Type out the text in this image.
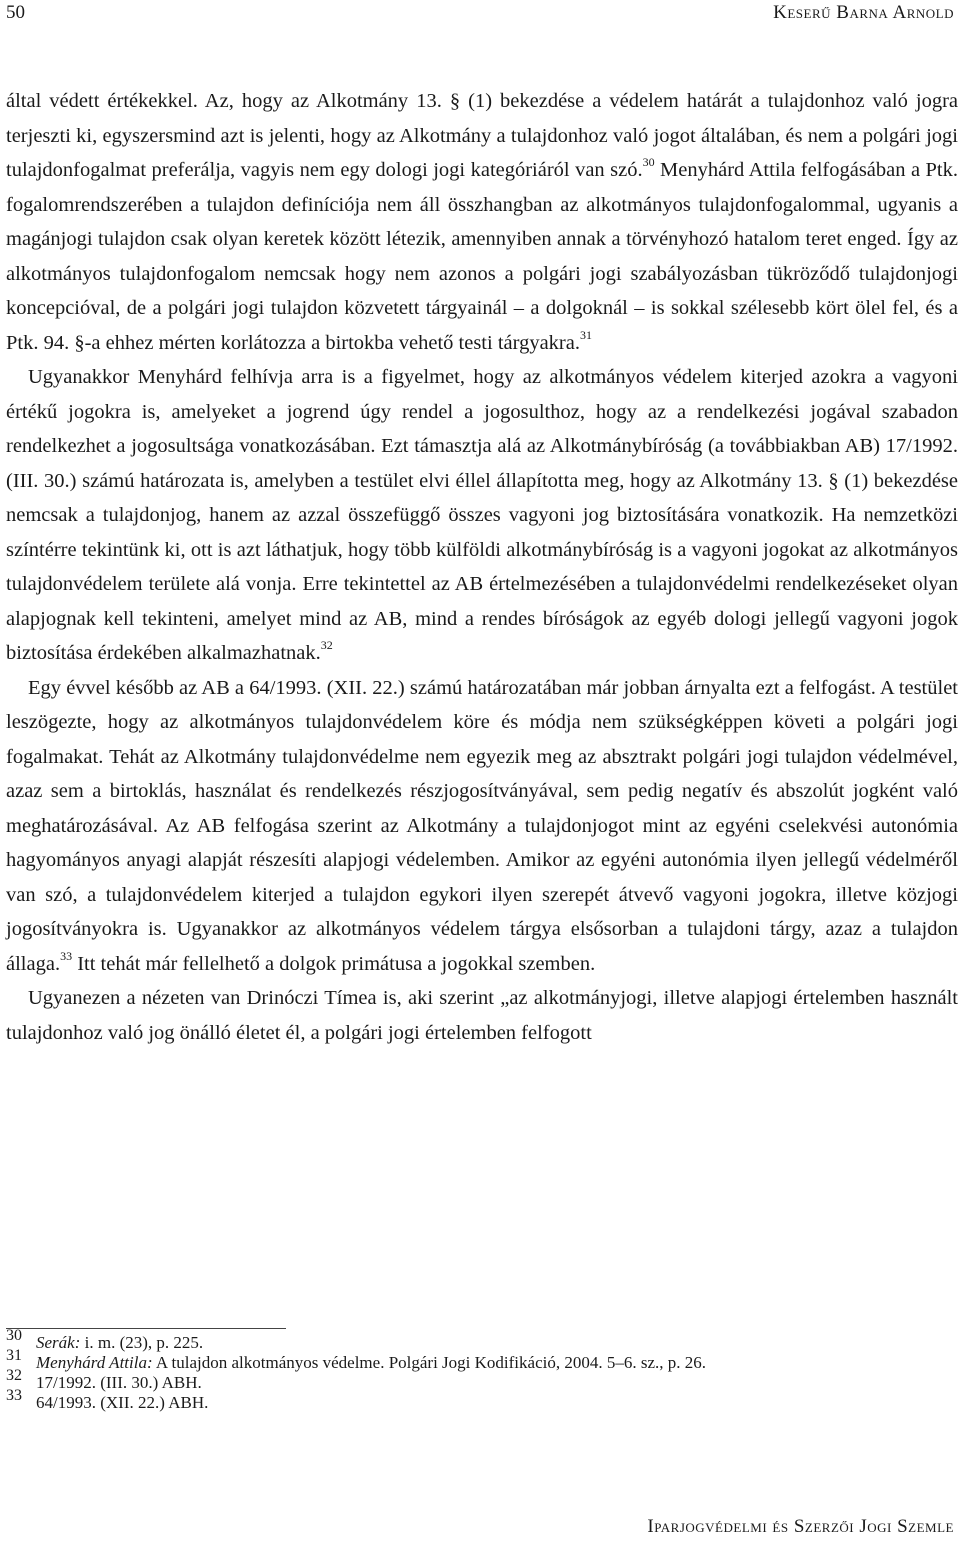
50	Keserű Barna Arnold

által védett értékekkel. Az, hogy az Alkotmány 13. § (1) bekezdése a védelem határát a tulajdonhoz való jogra terjeszti ki, egyszersmind azt is jelenti, hogy az Alkotmány a tulajdonhoz való jogot általában, és nem a polgári jogi tulajdonfogalmat preferálja, vagyis nem egy dologi jogi kategóriáról van szó.$^{30}$ Menyhárd Attila felfogásában a Ptk. fogalomrendszerében a tulajdon definíciója nem áll összhangban az alkotmányos tulajdonfogalommal, ugyanis a magánjogi tulajdon csak olyan keretek között létezik, amennyiben annak a törvényhozó hatalom teret enged. Így az alkotmányos tulajdonfogalom nemcsak hogy nem azonos a polgári jogi szabályozásban tükröződő tulajdonjogi koncepcióval, de a polgári jogi tulajdon közvetett tárgyainál – a dolgoknál – is sokkal szélesebb kört ölel fel, és a Ptk. 94. §-a ehhez mérten korlátozza a birtokba vehető testi tárgyakra.$^{31}$

Ugyanakkor Menyhárd felhívja arra is a figyelmet, hogy az alkotmányos védelem kiterjed azokra a vagyoni értékű jogokra is, amelyeket a jogrend úgy rendel a jogosulthoz, hogy az a rendelkezési jogával szabadon rendelkezhet a jogosultsága vonatkozásában. Ezt támasztja alá az Alkotmánybíróság (a továbbiakban AB) 17/1992. (III. 30.) számú határozata is, amelyben a testület elvi éllel állapította meg, hogy az Alkotmány 13. § (1) bekezdése nemcsak a tulajdonjog, hanem az azzal összefüggő összes vagyoni jog biztosítására vonatkozik. Ha nemzetközi színtérre tekintünk ki, ott is azt láthatjuk, hogy több külföldi alkotmánybíróság is a vagyoni jogokat az alkotmányos tulajdonvédelem területe alá vonja. Erre tekintettel az AB értelmezésében a tulajdonvédelmi rendelkezéseket olyan alapjognak kell tekinteni, amelyet mind az AB, mind a rendes bíróságok az egyéb dologi jellegű vagyoni jogok biztosítása érdekében alkalmazhatnak.$^{32}$

Egy évvel később az AB a 64/1993. (XII. 22.) számú határozatában már jobban árnyalta ezt a felfogást. A testület leszögezte, hogy az alkotmányos tulajdonvédelem köre és módja nem szükségképpen követi a polgári jogi fogalmakat. Tehát az Alkotmány tulajdonvédelme nem egyezik meg az absztrakt polgári jogi tulajdon védelmével, azaz sem a birtoklás, használat és rendelkezés részjogosítványával, sem pedig negatív és abszolút jogként való meghatározásával. Az AB felfogása szerint az Alkotmány a tulajdonjogot mint az egyéni cselekvési autonómia hagyományos anyagi alapját részesíti alapjogi védelemben. Amikor az egyéni autonómia ilyen jellegű védelméről van szó, a tulajdonvédelem kiterjed a tulajdon egykori ilyen szerepét átvevő vagyoni jogokra, illetve közjogi jogosítványokra is. Ugyanakkor az alkotmányos védelem tárgya elsősorban a tulajdoni tárgy, azaz a tulajdon állaga.$^{33}$ Itt tehát már fellelhető a dolgok primátusa a jogokkal szemben.

Ugyanezen a nézeten van Drinóczi Tímea is, aki szerint „az alkotmányjogi, illetve alapjogi értelemben használt tulajdonhoz való jog önálló életet él, a polgári jogi értelemben felfogott

30 Serák: i. m. (23), p. 225.
31 Menyhárd Attila: A tulajdon alkotmányos védelme. Polgári Jogi Kodifikáció, 2004. 5–6. sz., p. 26.
32 17/1992. (III. 30.) ABH.
33 64/1993. (XII. 22.) ABH.
Iparjogvédelmi és Szerzői Jogi Szemle
